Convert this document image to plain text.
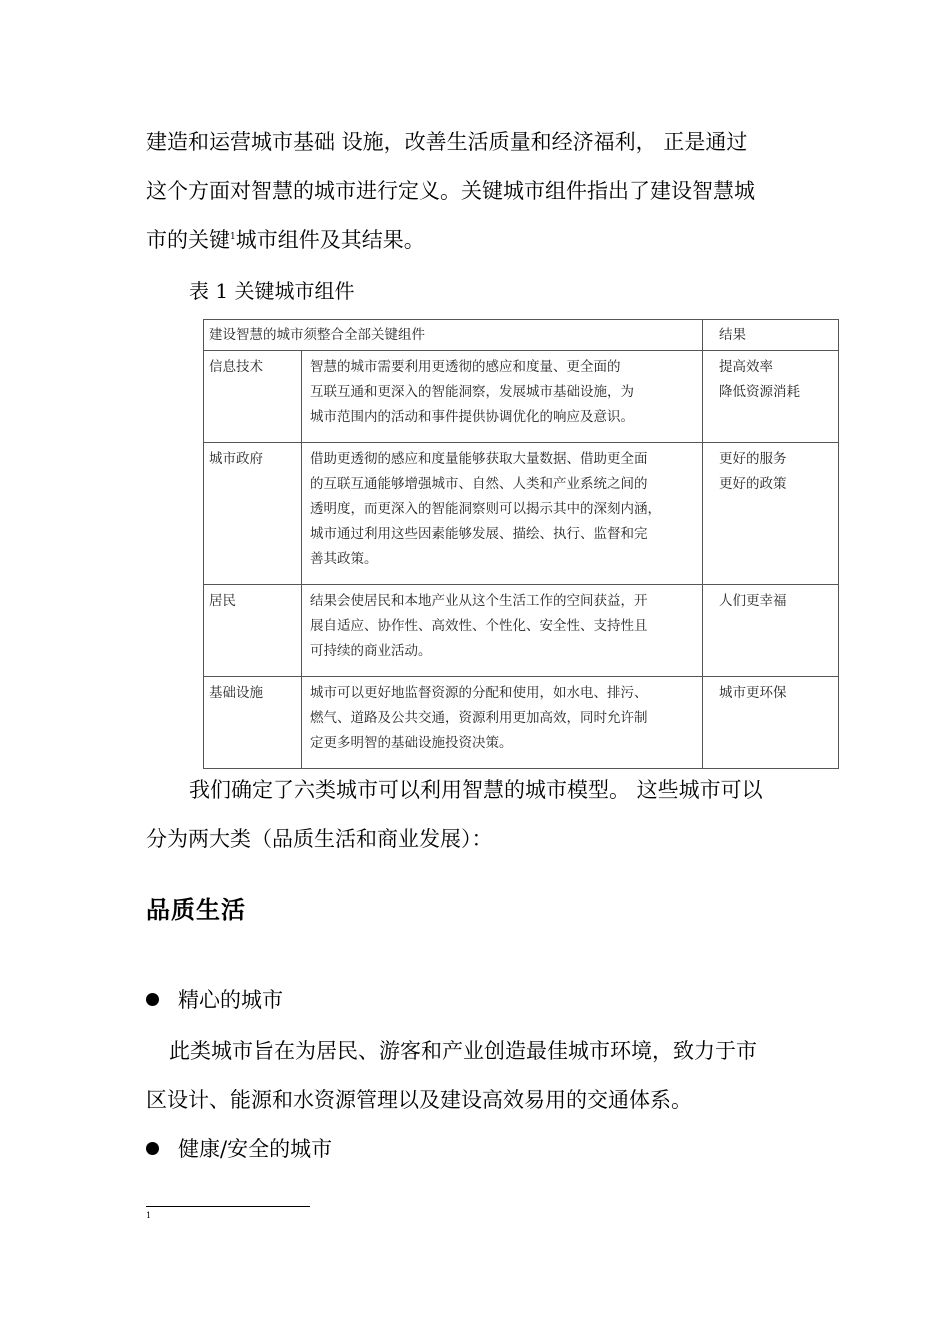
建造和运营城市基础 设施，改善生活质量和经济福利， 正是通过
这个方面对智慧的城市进行定义。关键城市组件指出了建设智慧城
市的关键$^1$城市组件及其结果。

表 1 关键城市组件

建设智慧的城市须整合全部关键组件		结果
信息技术	智慧的城市需要利用更透彻的感应和度量、更全面的
互联互通和更深入的智能洞察，发展城市基础设施，为
城市范围内的活动和事件提供协调优化的响应及意识。	提高效率
降低资源消耗

城市政府	借助更透彻的感应和度量能够获取大量数据、借助更全面
的互联互通能够增强城市、自然、人类和产业系统之间的
透明度，而更深入的智能洞察则可以揭示其中的深刻内涵，
城市通过利用这些因素能够发展、描绘、执行、监督和完
善其政策。	更好的服务
更好的政策

居民	结果会使居民和本地产业从这个生活工作的空间获益，开
展自适应、协作性、高效性、个性化、安全性、支持性且
可持续的商业活动。	人们更幸福

基础设施	城市可以更好地监督资源的分配和使用，如水电、排污、
燃气、道路及公共交通，资源利用更加高效，同时允许制
定更多明智的基础设施投资决策。	城市更环保
我们确定了六类城市可以利用智慧的城市模型。 这些城市可以
分为两大类（品质生活和商业发展）：
品质生活

精心的城市

此类城市旨在为居民、游客和产业创造最佳城市环境，致力于市
区设计、能源和水资源管理以及建设高效易用的交通体系。

健康/安全的城市

1
